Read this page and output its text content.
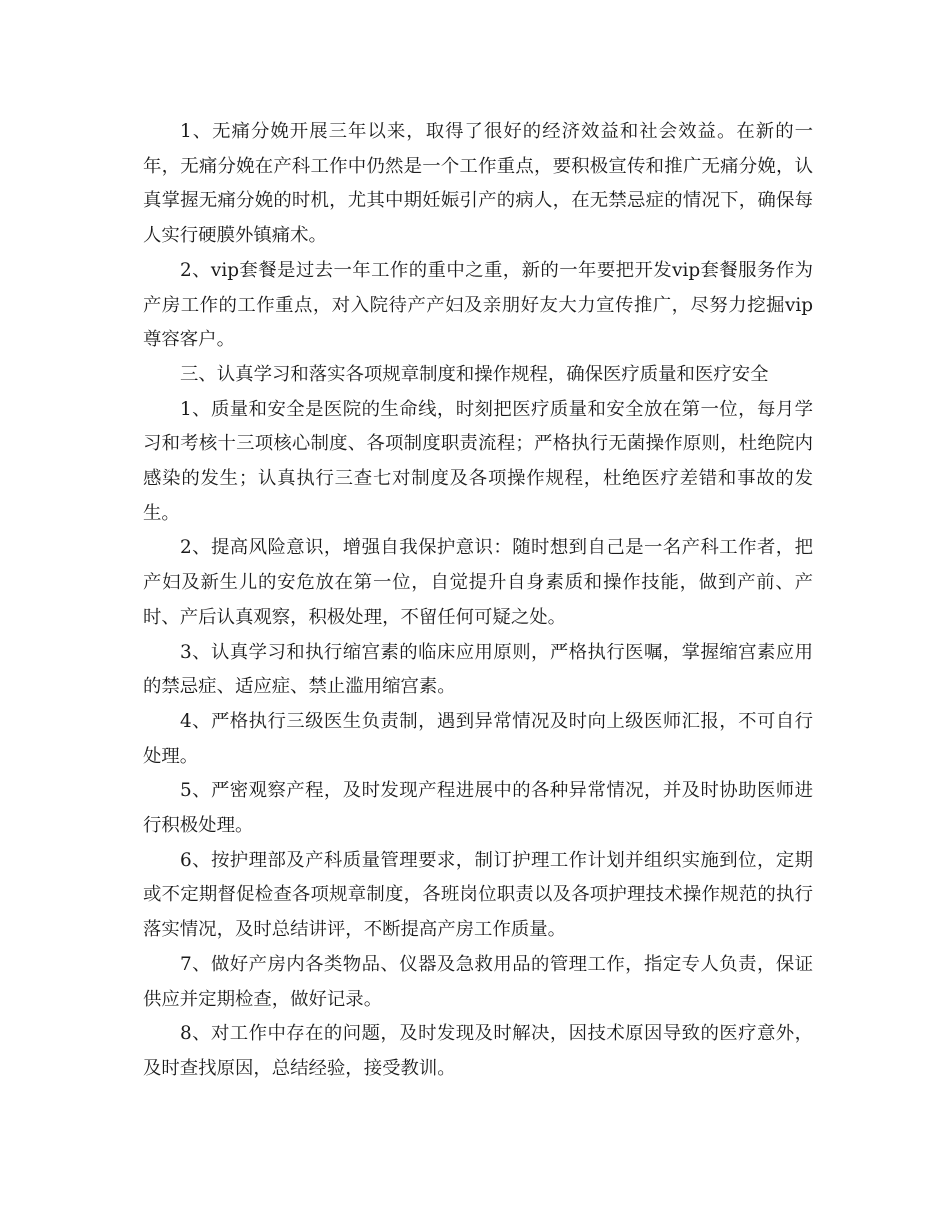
1、无痛分娩开展三年以来，取得了很好的经济效益和社会效益。在新的一年，无痛分娩在产科工作中仍然是一个工作重点，要积极宣传和推广无痛分娩，认真掌握无痛分娩的时机，尤其中期妊娠引产的病人，在无禁忌症的情况下，确保每人实行硬膜外镇痛术。

2、vip套餐是过去一年工作的重中之重，新的一年要把开发vip套餐服务作为产房工作的工作重点，对入院待产产妇及亲朋好友大力宣传推广，尽努力挖掘vip尊容客户。

三、认真学习和落实各项规章制度和操作规程，确保医疗质量和医疗安全

1、质量和安全是医院的生命线，时刻把医疗质量和安全放在第一位，每月学习和考核十三项核心制度、各项制度职责流程；严格执行无菌操作原则，杜绝院内感染的发生；认真执行三查七对制度及各项操作规程，杜绝医疗差错和事故的发生。

2、提高风险意识，增强自我保护意识：随时想到自己是一名产科工作者，把产妇及新生儿的安危放在第一位，自觉提升自身素质和操作技能，做到产前、产时、产后认真观察，积极处理，不留任何可疑之处。

3、认真学习和执行缩宫素的临床应用原则，严格执行医嘱，掌握缩宫素应用的禁忌症、适应症、禁止滥用缩宫素。

4、严格执行三级医生负责制，遇到异常情况及时向上级医师汇报，不可自行处理。

5、严密观察产程，及时发现产程进展中的各种异常情况，并及时协助医师进行积极处理。

6、按护理部及产科质量管理要求，制订护理工作计划并组织实施到位，定期或不定期督促检查各项规章制度，各班岗位职责以及各项护理技术操作规范的执行落实情况，及时总结讲评，不断提高产房工作质量。

7、做好产房内各类物品、仪器及急救用品的管理工作，指定专人负责，保证供应并定期检查，做好记录。

8、对工作中存在的问题，及时发现及时解决，因技术原因导致的医疗意外，及时查找原因，总结经验，接受教训。
